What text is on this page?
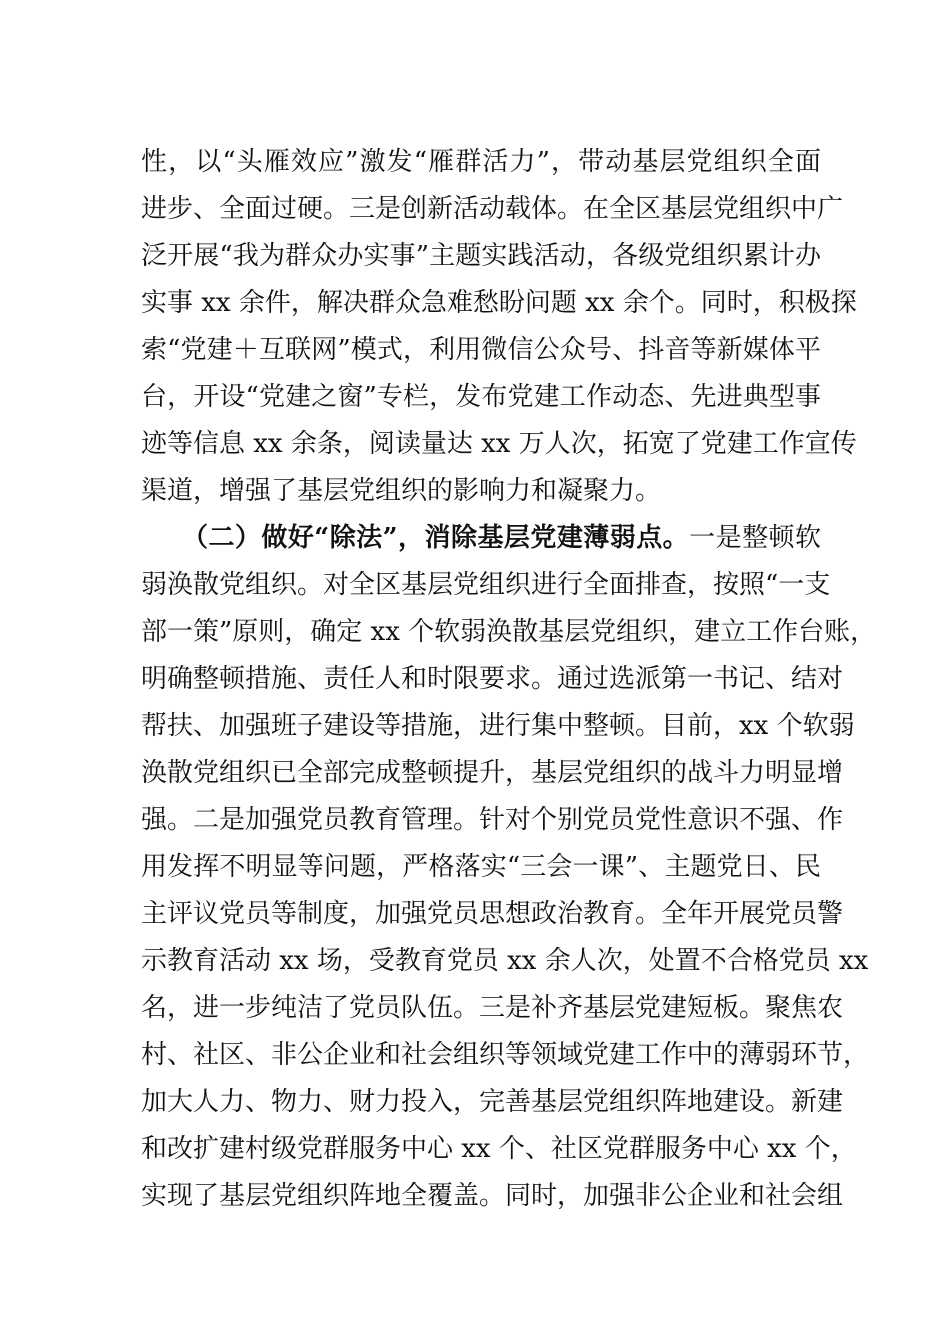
性，以“头雁效应”激发“雁群活力”，带动基层党组织全面
进步、全面过硬。三是创新活动载体。在全区基层党组织中广
泛开展“我为群众办实事”主题实践活动，各级党组织累计办
实事 xx 余件，解决群众急难愁盼问题 xx 余个。同时，积极探
索“党建＋互联网”模式，利用微信公众号、抖音等新媒体平
台，开设“党建之窗”专栏，发布党建工作动态、先进典型事
迹等信息 xx 余条，阅读量达 xx 万人次，拓宽了党建工作宣传
渠道，增强了基层党组织的影响力和凝聚力。
（二）做好“除法”，消除基层党建薄弱点。一是整顿软
弱涣散党组织。对全区基层党组织进行全面排查，按照“一支
部一策”原则，确定 xx 个软弱涣散基层党组织，建立工作台账，
明确整顿措施、责任人和时限要求。通过选派第一书记、结对
帮扶、加强班子建设等措施，进行集中整顿。目前，xx 个软弱
涣散党组织已全部完成整顿提升，基层党组织的战斗力明显增
强。二是加强党员教育管理。针对个别党员党性意识不强、作
用发挥不明显等问题，严格落实“三会一课”、主题党日、民
主评议党员等制度，加强党员思想政治教育。全年开展党员警
示教育活动 xx 场，受教育党员 xx 余人次，处置不合格党员 xx
名，进一步纯洁了党员队伍。三是补齐基层党建短板。聚焦农
村、社区、非公企业和社会组织等领域党建工作中的薄弱环节，
加大人力、物力、财力投入，完善基层党组织阵地建设。新建
和改扩建村级党群服务中心 xx 个、社区党群服务中心 xx 个，
实现了基层党组织阵地全覆盖。同时，加强非公企业和社会组
